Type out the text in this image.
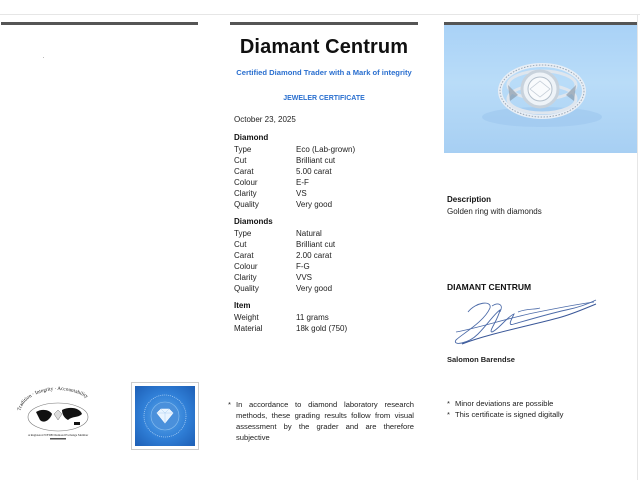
Diamant Centrum
Certified Diamond Trader with a Mark of integrity
JEWELER CERTIFICATE
October 23, 2025
Diamond
Type	Eco (Lab-grown)
Cut	Brilliant cut
Carat	5.00 carat
Colour	E-F
Clarity	VS
Quality	Very good
Diamonds
Type	Natural
Cut	Brilliant cut
Carat	2.00 carat
Colour	F-G
Clarity	VVS
Quality	Very good
Item
Weight	11 grams
Material	18k gold (750)
Description
Golden ring with diamonds
DIAMANT CENTRUM
Salomon Barendse
* In accordance to diamond laboratory research methods, these grading results follow from visual assessment by the grader and are therefore subjective
* Minor deviations are possible
* This certificate is signed digitally
Tradition · Integrity · Accountability
A Registered WFDB Diamond Exchange Member
